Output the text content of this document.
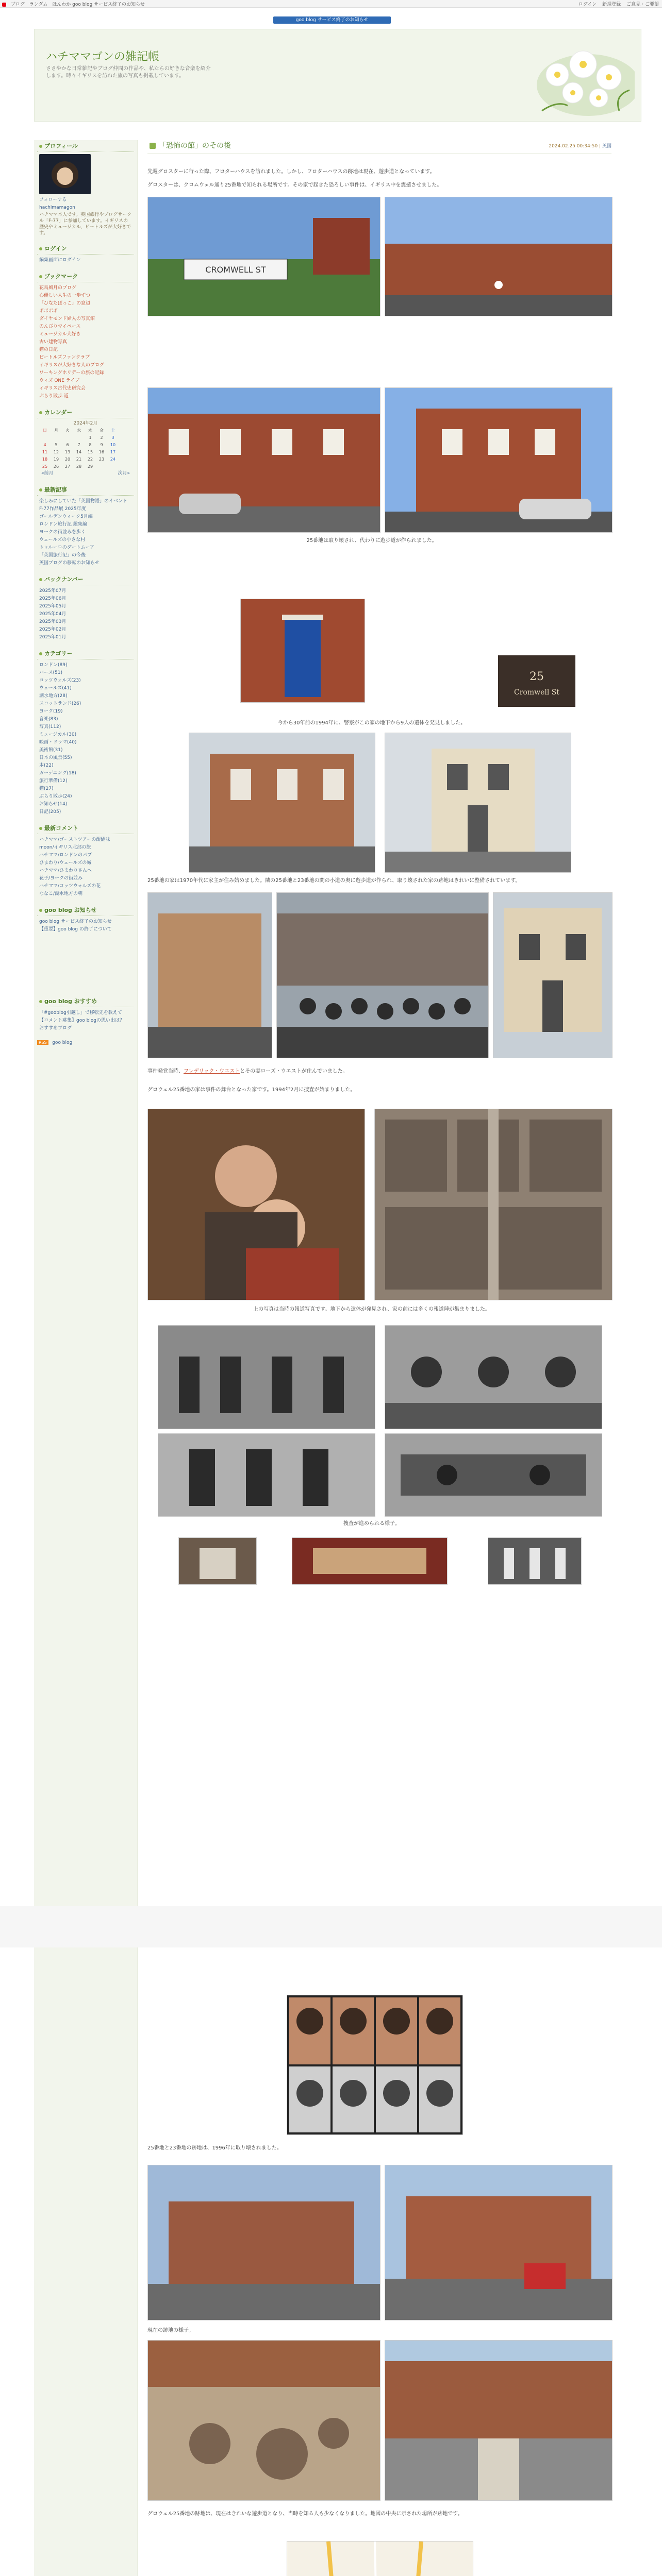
ブログ ランダム ほんわか goo blog サービス終了のお知らせ	ログイン 新規登録 ご意見・ご要望
goo blog サービス終了のお知らせ
ハチママゴンの雑記帳
ささやかな日常雑記やブログ仲間の作品や、私たちの好きな音楽を紹介します。時々イギリスを訪ねた旅の写真も掲載しています。
プロフィール
フォローする
hachimamagon
ハチママ本人です。英国旅行やブログサークル「F-77」に参加しています。イギリスの歴史やミュージカル、ビートルズが大好きです。
ログイン
編集画面にログイン
ブックマーク
花鳥風月のブログ
心優しい人生の一歩ずつ
「ひなたぼっこ」の窓辺
ポポポポ
ダイヤモンド婦人の写真館
のんびりマイペース
ミュージカル大好き
古い建物写真
猫の日記
ビートルズファンクラブ
イギリスが大好きな人のブログ
ワーキングホリデーの旅の記録
ウィズ ONE ライブ
イギリス古代史研究会
ぶらり散歩 道
カレンダー
2024年2月
日	月	火	水	木	金	土
				1	2	3
4	5	6	7	8	9	10
11	12	13	14	15	16	17
18	19	20	21	22	23	24
25	26	27	28	29		
«前月	次月»
最新記事
楽しみにしていた「英国物語」のイベント
F-77作品展 2025年度
ゴールデンウィーク5月編
ロンドン旅行記 総集編
ヨークの街並みを歩く
ウェールズの小さな村
トゥルーロのダートムーア
「英国旅行記」の今後
英国ブログの移転のお知らせ
バックナンバー
2025年07月
2025年06月
2025年05月
2025年04月
2025年03月
2025年02月
2025年01月
カテゴリー
ロンドン(89)
バース(51)
コッツウォルズ(23)
ウェールズ(41)
湖水地方(28)
スコットランド(26)
ヨーク(19)
音楽(83)
写真(112)
ミュージカル(30)
映画・ドラマ(40)
美術館(31)
日本の風景(55)
本(22)
ガーデニング(18)
旅行準備(12)
猫(27)
ぶらり散歩(24)
お知らせ(14)
日記(205)
最新コメント
ハチママ/ゴーストツアーの醍醐味
moon/イギリス北部の旅
ハチママ/ロンドンのパブ
ひまわり/ウェールズの城
ハチママ/ひまわりさんへ
花子/ヨークの街並み
ハチママ/コッツウォルズの花
ななこ/湖水地方の朝
goo blog お知らせ
goo blog サービス終了のお知らせ
【重要】goo blog の終了について
goo blog おすすめ
「#gooblog引越し」で移転先を教えて
【コメント募集】goo blogの思い出は？
おすすめブログ
RSS goo blog
「恐怖の館」のその後	2024.02.25 00:34:50 | 英国
先週グロスターに行った際、フロターハウスを訪れました。しかし、フロターハウスの跡地は現在、遊歩道となっています。
グロスターは、クロムウェル通り25番地で知られる場所です。その家で起きた恐ろしい事件は、イギリス中を震撼させました。
CROMWELL ST
25番地は取り壊され、代わりに遊歩道が作られました。
25
Cromwell St
今から30年前の1994年に、警察がこの家の地下から9人の遺体を発見しました。
25番地の家は1970年代に家主が住み始めました。隣の25番地と23番地の間の小道の奥に遊歩道が作られ、取り壊された家の跡地はきれいに整備されています。
事件発覚当時、フレデリック・ウエストとその妻ローズ・ウエストが住んでいました。
グロウェル25番地の家は事件の舞台となった家です。1994年2月に捜査が始まりました。
上の写真は当時の報道写真です。地下から遺体が発見され、家の前には多くの報道陣が集まりました。
捜査が進められる様子。
25番地と23番地の跡地は、1996年に取り壊されました。
現在の跡地の様子。
グロウェル25番地の跡地は、現在はきれいな遊歩道となり、当時を知る人も少なくなりました。地図の中央に示された場所が跡地です。
